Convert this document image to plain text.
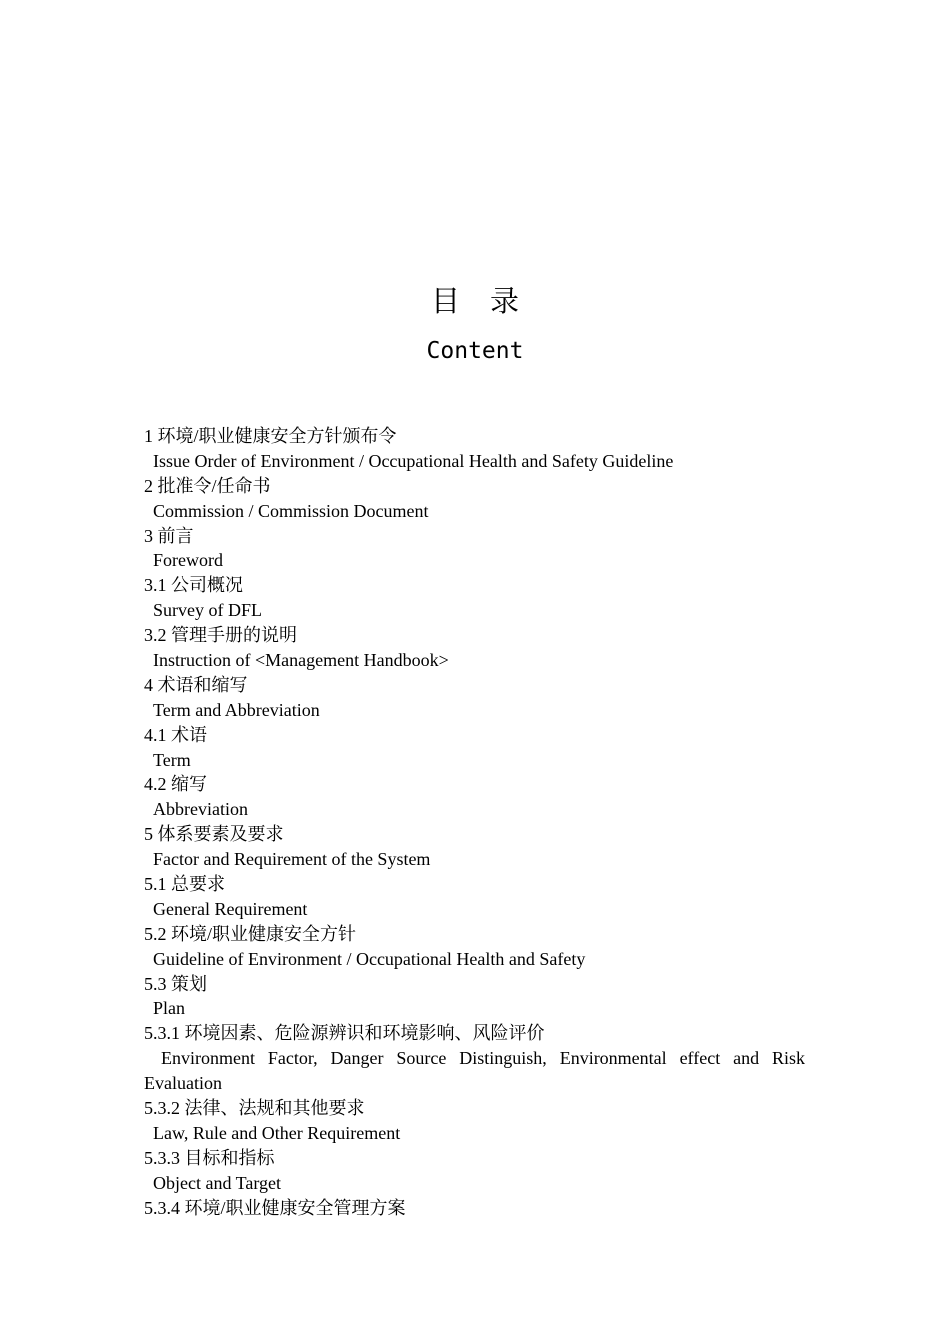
目 录
Content
1 环境/职业健康安全方针颁布令
Issue Order of Environment / Occupational Health and Safety Guideline
2 批准令/任命书
Commission / Commission Document
3 前言
Foreword
3.1 公司概况
Survey of DFL
3.2 管理手册的说明
Instruction of <Management Handbook>
4 术语和缩写
Term and Abbreviation
4.1 术语
Term
4.2 缩写
Abbreviation
5 体系要素及要求
Factor and Requirement of the System
5.1 总要求
General Requirement
5.2 环境/职业健康安全方针
Guideline of Environment / Occupational Health and Safety
5.3 策划
Plan
5.3.1 环境因素、危险源辨识和环境影响、风险评价
Environment Factor, Danger Source Distinguish, Environmental effect and Risk
Evaluation
5.3.2 法律、法规和其他要求
Law, Rule and Other Requirement
5.3.3 目标和指标
Object and Target
5.3.4 环境/职业健康安全管理方案
